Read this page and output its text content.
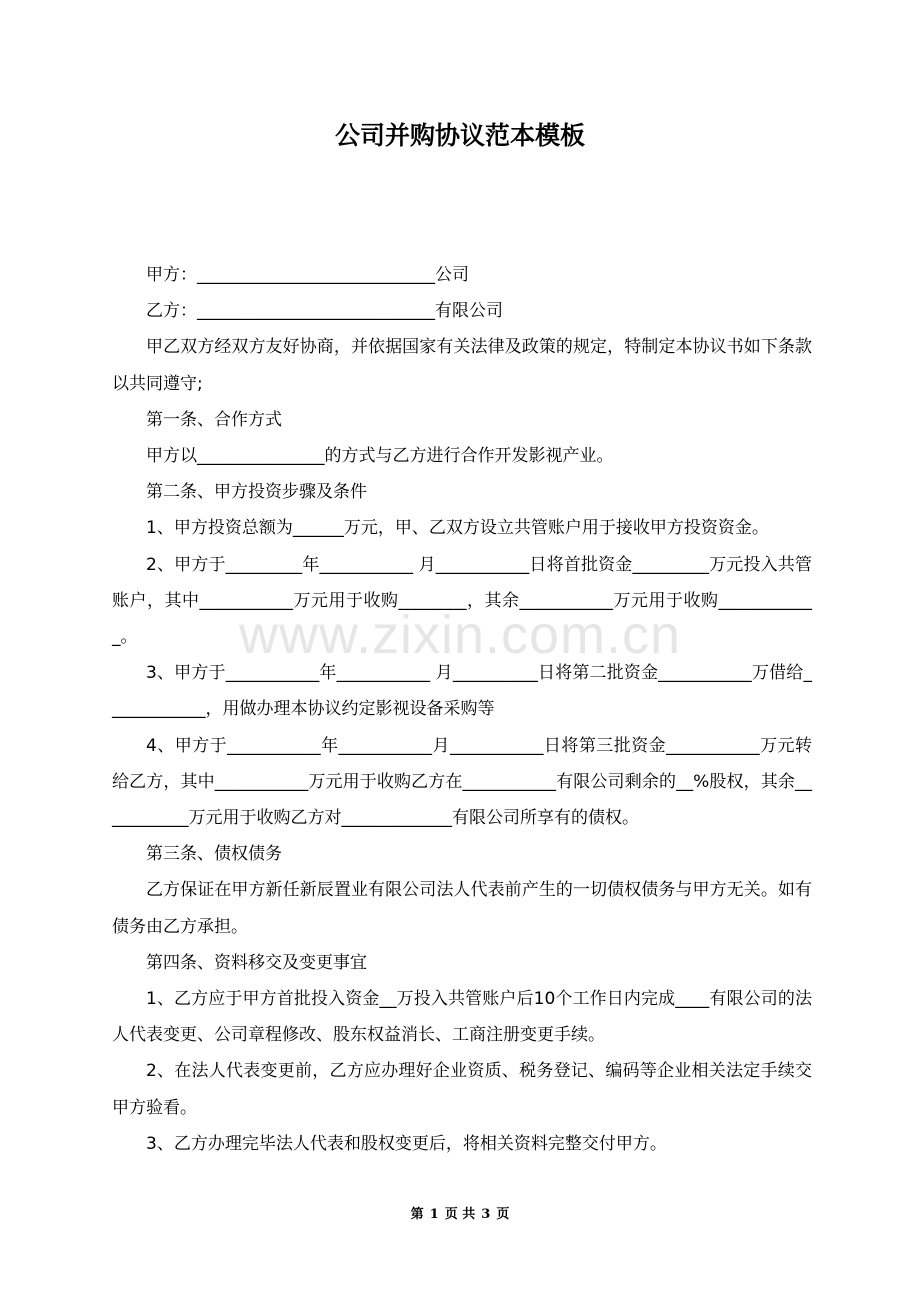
公司并购协议范本模板

甲方：____________________________公司

乙方：____________________________有限公司

甲乙双方经双方友好协商，并依据国家有关法律及政策的规定，特制定本协议书如下条款以共同遵守;

第一条、合作方式

甲方以_______________的方式与乙方进行合作开发影视产业。

第二条、甲方投资步骤及条件

1、甲方投资总额为______万元，甲、乙双方设立共管账户用于接收甲方投资资金。

2、甲方于_________年___________ 月___________日将首批资金_________万元投入共管账户，其中___________万元用于收购________，其余___________万元用于收购____________。

3、甲方于___________年___________ 月__________日将第二批资金___________万借给____________，用做办理本协议约定影视设备采购等

4、甲方于___________年___________月___________日将第三批资金___________万元转给乙方，其中___________万元用于收购乙方在___________有限公司剩余的__%股权，其余___________万元用于收购乙方对_____________有限公司所享有的债权。

第三条、债权债务

乙方保证在甲方新任新辰置业有限公司法人代表前产生的一切债权债务与甲方无关。如有债务由乙方承担。

第四条、资料移交及变更事宜

1、乙方应于甲方首批投入资金__万投入共管账户后10个工作日内完成____有限公司的法人代表变更、公司章程修改、股东权益消长、工商注册变更手续。

2、在法人代表变更前，乙方应办理好企业资质、税务登记、编码等企业相关法定手续交甲方验看。

3、乙方办理完毕法人代表和股权变更后，将相关资料完整交付甲方。

www.zixin.com.cn
第 1 页 共 3 页
